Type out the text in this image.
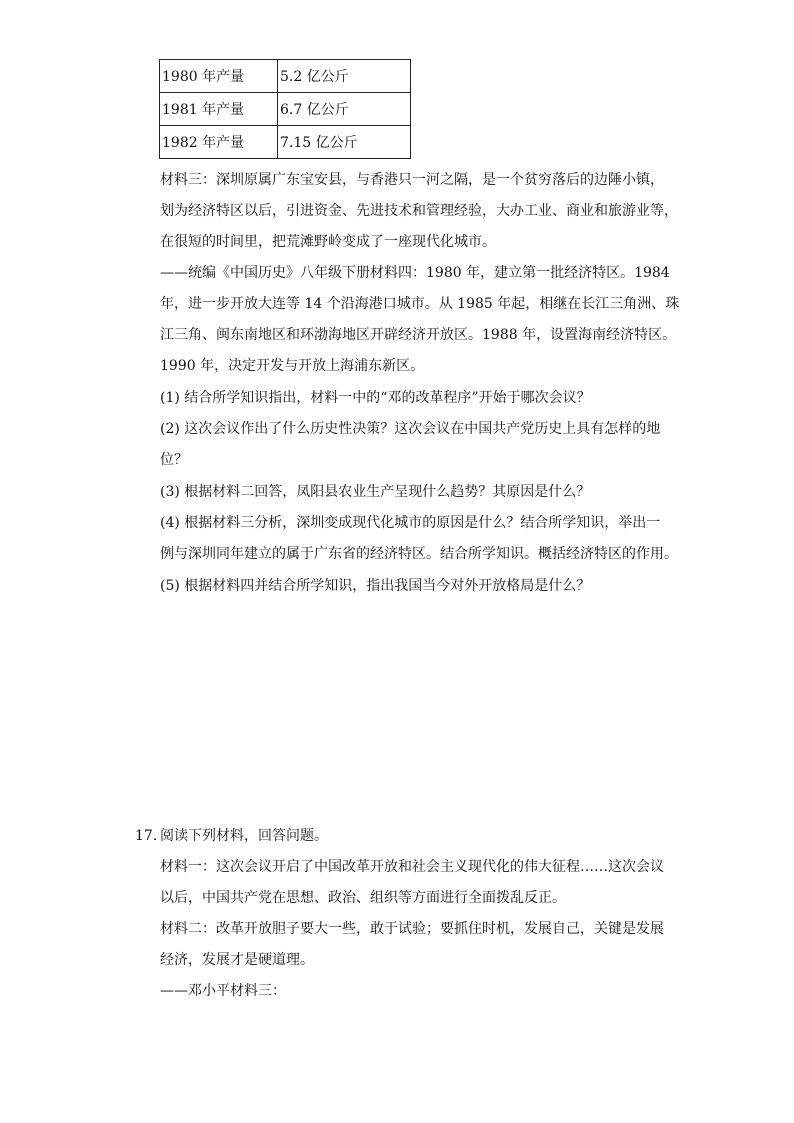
1980 年产量	5.2 亿公斤
1981 年产量	6.7 亿公斤
1982 年产量	7.15 亿公斤
材料三：深圳原属广东宝安县，与香港只一河之隔，是一个贫穷落后的边陲小镇，
划为经济特区以后，引进资金、先进技术和管理经验，大办工业、商业和旅游业等，
在很短的时间里，把荒滩野岭变成了一座现代化城市。
——统编《中国历史》八年级下册材料四：1980 年，建立第一批经济特区。1984
年，进一步开放大连等 14 个沿海港口城市。从 1985 年起，相继在长江三角洲、珠
江三角、闽东南地区和环渤海地区开辟经济开放区。1988 年，设置海南经济特区。
1990 年，决定开发与开放上海浦东新区。
(1) 结合所学知识指出，材料一中的“邓的改革程序”开始于哪次会议？
(2) 这次会议作出了什么历史性决策？这次会议在中国共产党历史上具有怎样的地
位？
(3) 根据材料二回答，凤阳县农业生产呈现什么趋势？其原因是什么？
(4) 根据材料三分析，深圳变成现代化城市的原因是什么？结合所学知识，举出一
例与深圳同年建立的属于广东省的经济特区。结合所学知识。概括经济特区的作用。
(5) 根据材料四并结合所学知识，指出我国当今对外开放格局是什么？
17. 阅读下列材料，回答问题。
材料一：这次会议开启了中国改革开放和社会主义现代化的伟大征程……这次会议
以后，中国共产党在思想、政治、组织等方面进行全面拨乱反正。
材料二：改革开放胆子要大一些，敢于试验；要抓住时机，发展自己，关键是发展
经济，发展才是硬道理。
——邓小平材料三：
